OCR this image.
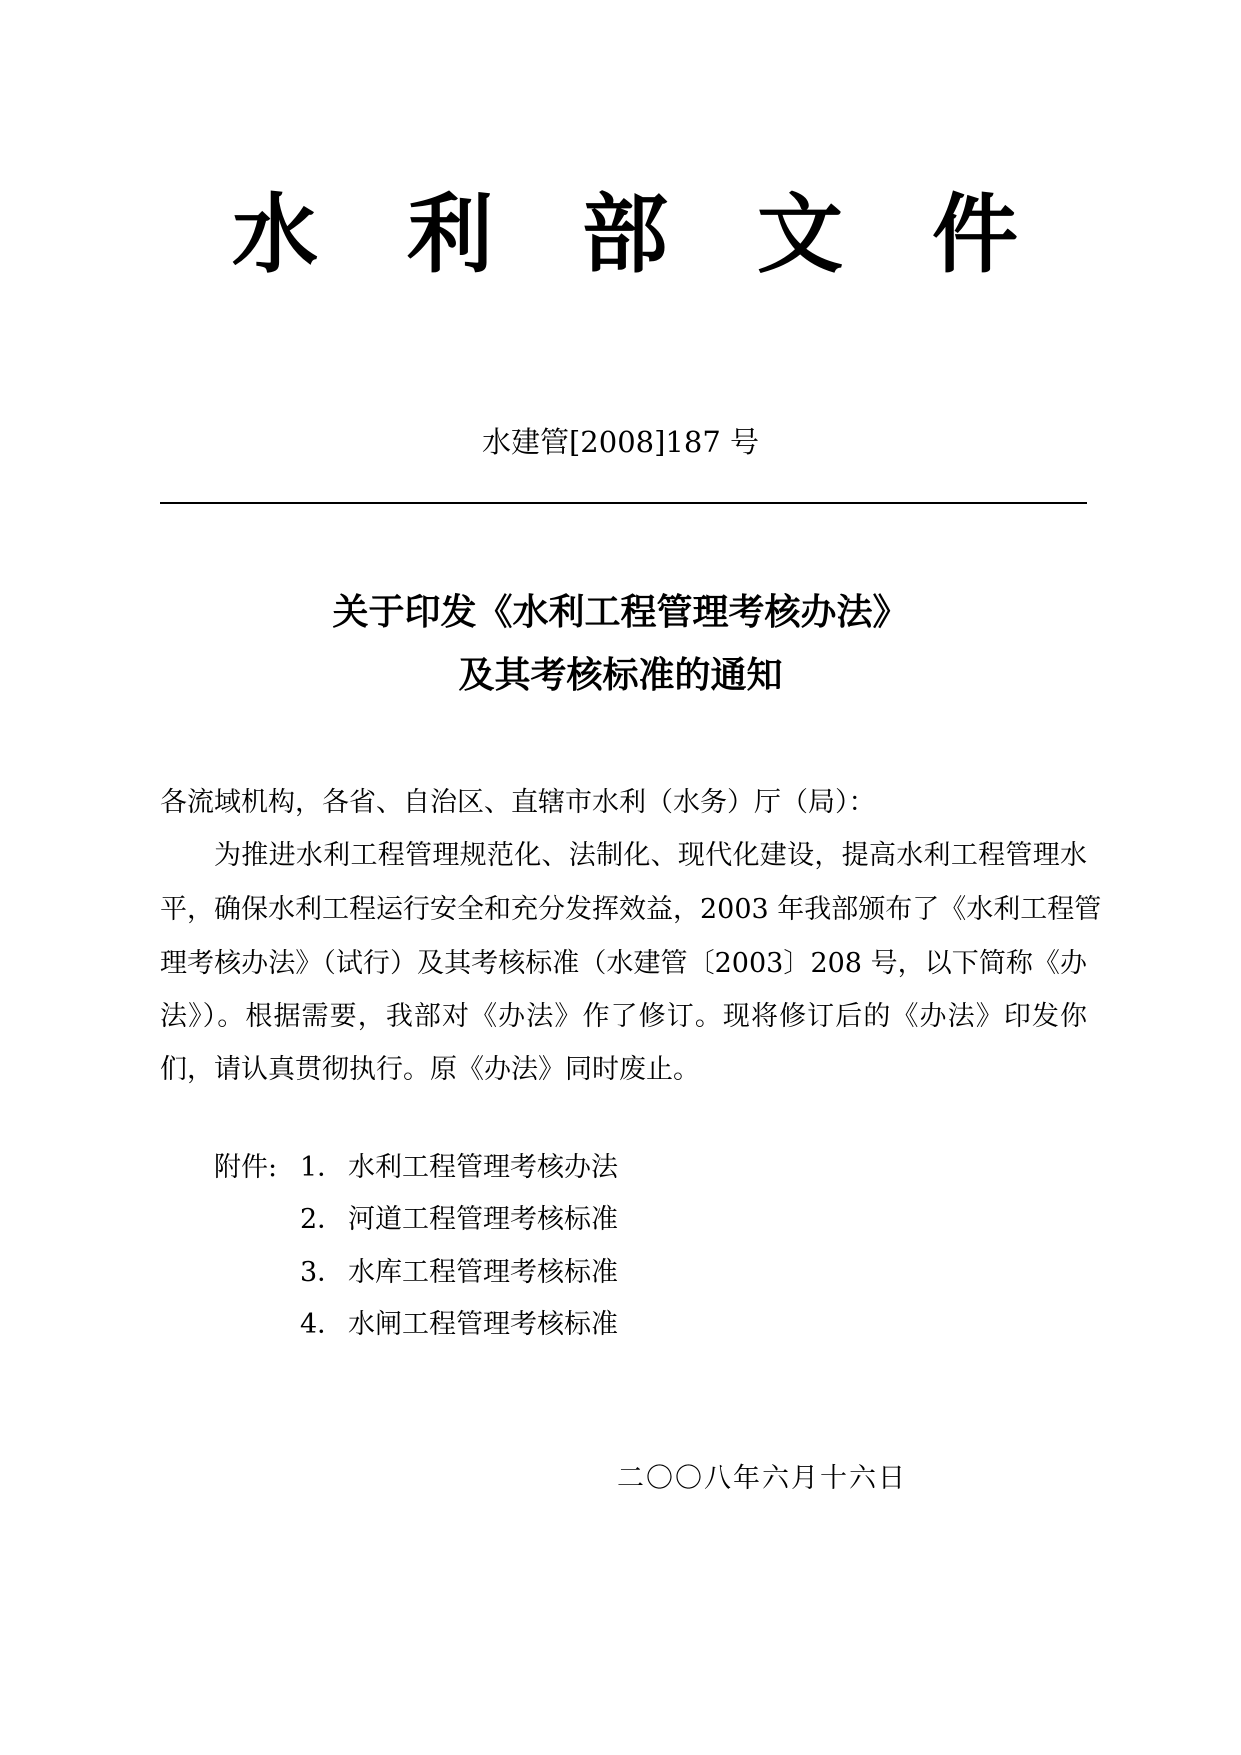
水 利 部 文 件
水建管[2008]187 号
关于印发《水利工程管理考核办法》
及其考核标准的通知
各流域机构，各省、自治区、直辖市水利（水务）厅（局）：
为推进水利工程管理规范化、法制化、现代化建设，提高水利工程管理水
平，确保水利工程运行安全和充分发挥效益，2003 年我部颁布了《水利工程管
理考核办法》（试行）及其考核标准（水建管〔2003〕208 号，以下简称《办
法》）。根据需要，我部对《办法》作了修订。现将修订后的《办法》印发你
们，请认真贯彻执行。原《办法》同时废止。
附件: 1． 水利工程管理考核办法
2． 河道工程管理考核标准
3． 水库工程管理考核标准
4． 水闸工程管理考核标准
二〇〇八年六月十六日
